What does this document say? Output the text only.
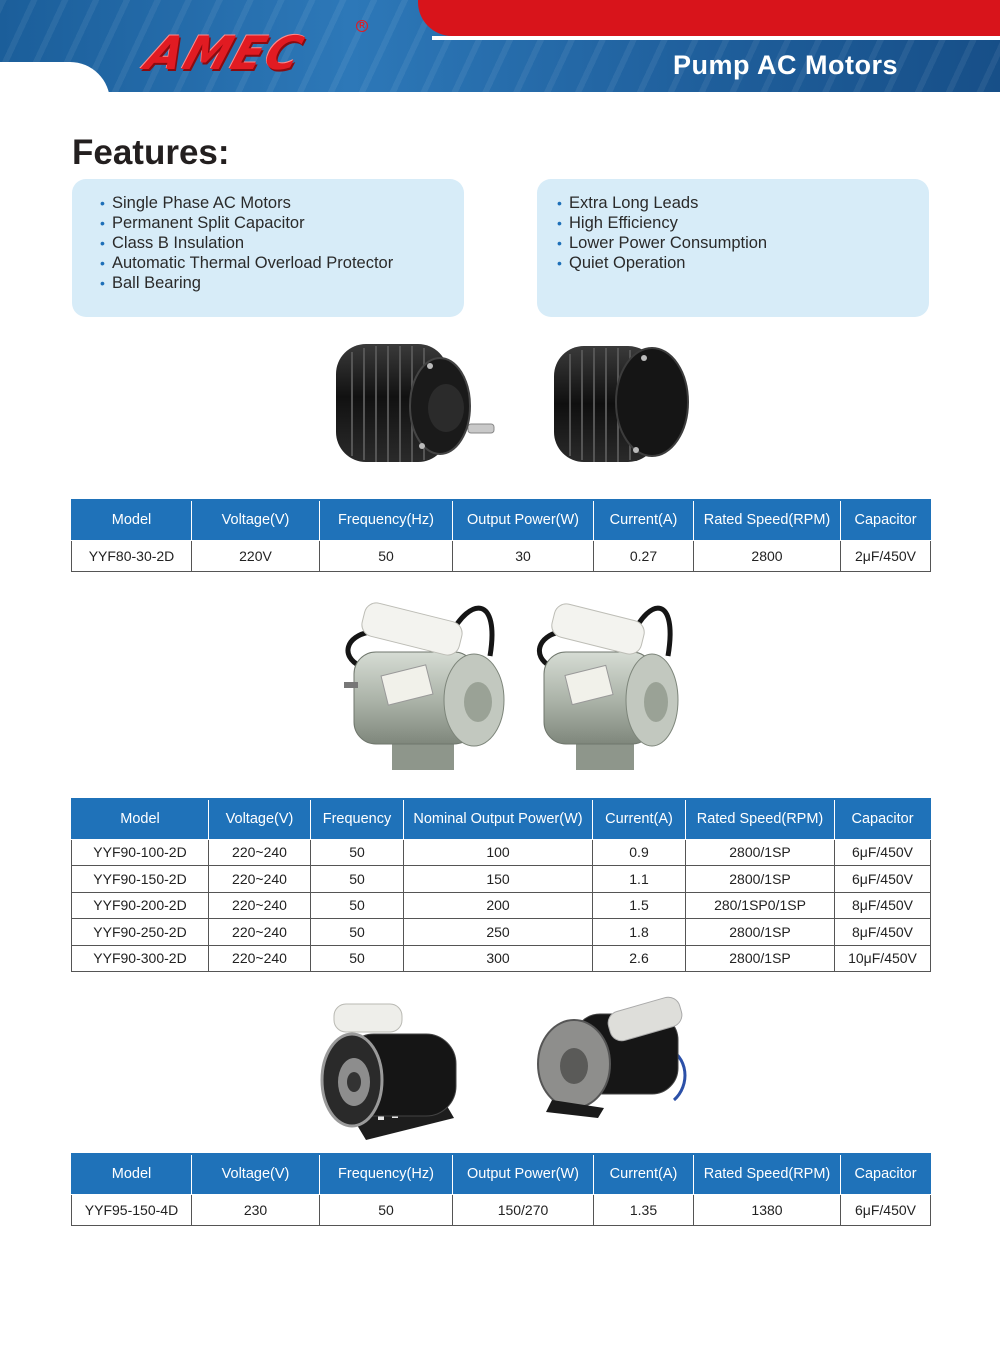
AMEC
R
Pump AC Motors
Features:
• Single Phase AC Motors
• Permanent Split Capacitor
• Class B Insulation
• Automatic Thermal Overload Protector
• Ball Bearing
• Extra Long Leads
• High Efficiency
• Lower Power Consumption
• Quiet Operation
Model	Voltage(V)	Frequency(Hz)	Output Power(W)	Current(A)	Rated Speed(RPM)	Capacitor
YYF80-30-2D	220V	50	30	0.27	2800	2μF/450V
Model	Voltage(V)	Frequency	Nominal Output Power(W)	Current(A)	Rated Speed(RPM)	Capacitor
YYF90-100-2D	220~240	50	100	0.9	2800/1SP	6μF/450V
YYF90-150-2D	220~240	50	150	1.1	2800/1SP	6μF/450V
YYF90-200-2D	220~240	50	200	1.5	280/1SP0/1SP	8μF/450V
YYF90-250-2D	220~240	50	250	1.8	2800/1SP	8μF/450V
YYF90-300-2D	220~240	50	300	2.6	2800/1SP	10μF/450V
Model	Voltage(V)	Frequency(Hz)	Output Power(W)	Current(A)	Rated Speed(RPM)	Capacitor
YYF95-150-4D	230	50	150/270	1.35	1380	6μF/450V
